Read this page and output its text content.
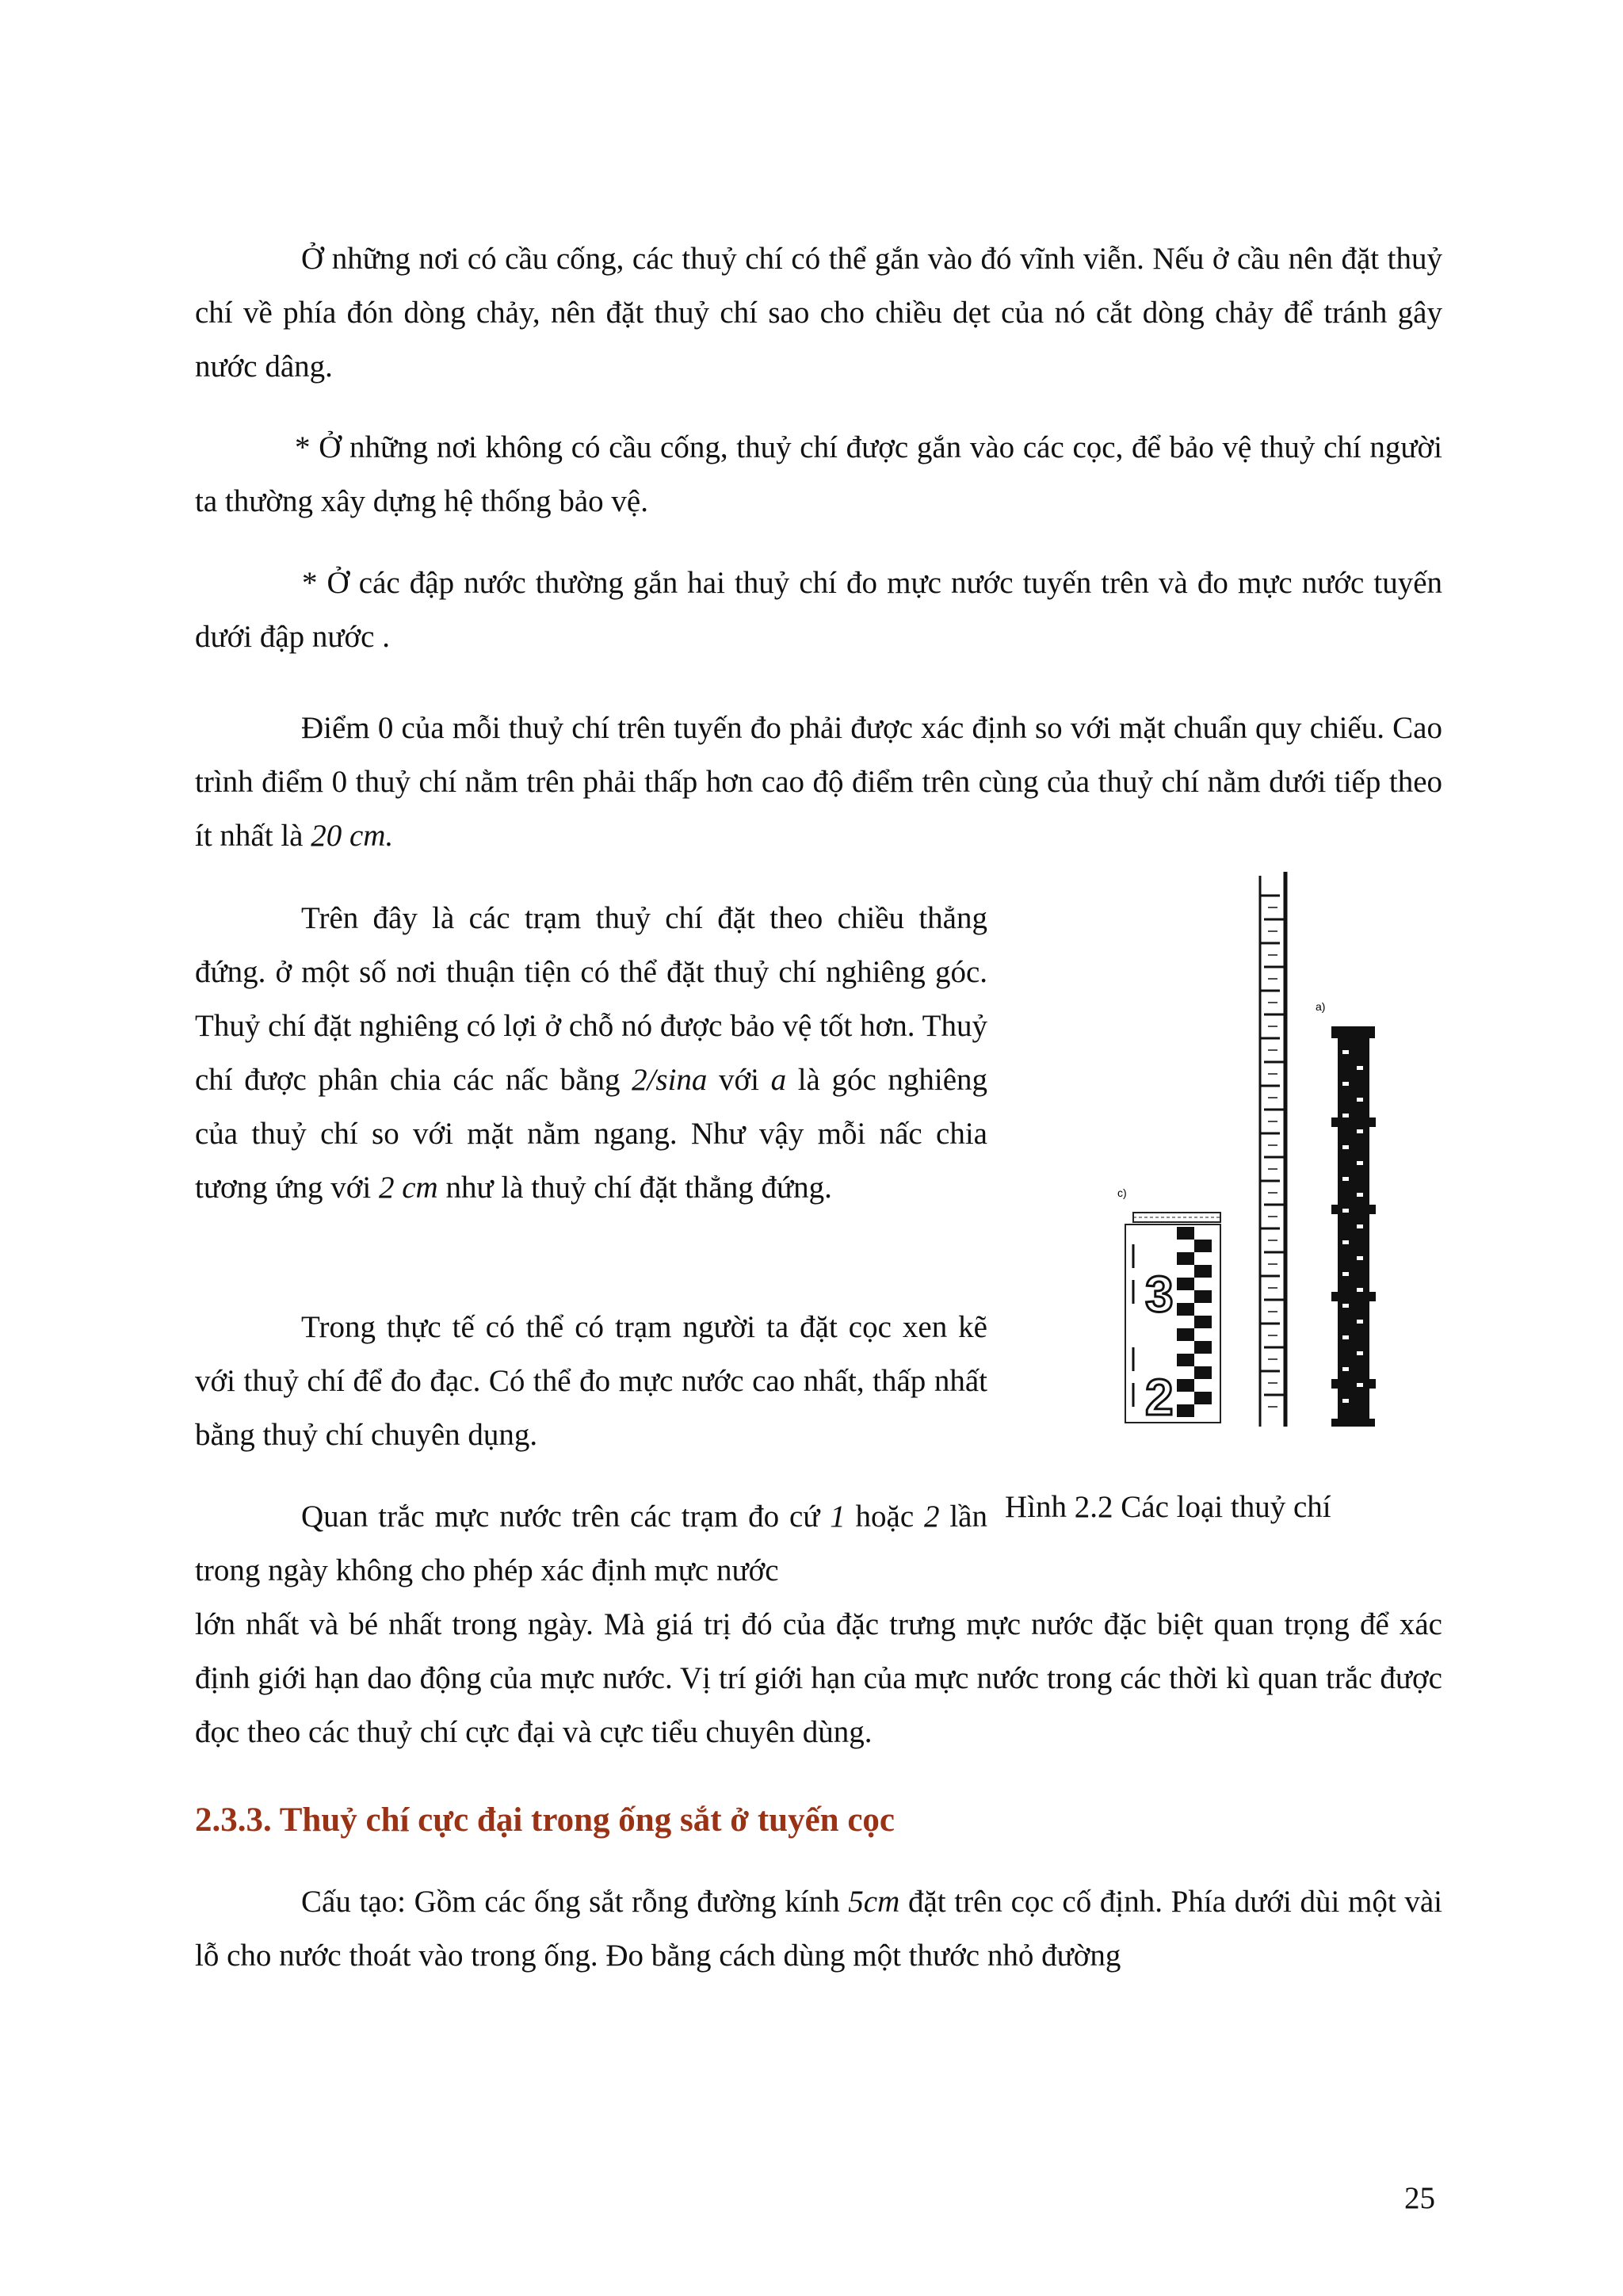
Ở những nơi có cầu cống, các thuỷ chí có thể gắn vào đó vĩnh viễn. Nếu ở cầu nên đặt thuỷ chí về phía đón dòng chảy, nên đặt thuỷ chí sao cho chiều dẹt của nó cắt dòng chảy để tránh gây nước dâng.

* Ở những nơi không có cầu cống, thuỷ chí được gắn vào các cọc, để bảo vệ thuỷ chí người ta thường xây dựng hệ thống bảo vệ.

* Ở các đập nước thường gắn hai thuỷ chí đo mực nước tuyến trên và đo mực nước tuyến dưới đập nước .

Điểm 0 của mỗi thuỷ chí trên tuyến đo phải được xác định so với mặt chuẩn quy chiếu. Cao trình điểm 0 thuỷ chí nằm trên phải thấp hơn cao độ điểm trên cùng của thuỷ chí nằm dưới tiếp theo ít nhất là 20 cm.

Trên đây là các trạm thuỷ chí đặt theo chiều thẳng đứng. ở một số nơi thuận tiện có thể đặt thuỷ chí nghiêng góc. Thuỷ chí đặt nghiêng có lợi ở chỗ nó được bảo vệ tốt hơn. Thuỷ chí được phân chia các nấc bằng 2/sina với a là góc nghiêng của thuỷ chí so với mặt nằm ngang. Như vậy mỗi nấc chia tương ứng với 2 cm như là thuỷ chí đặt thẳng đứng.

Trong thực tế có thể có trạm người ta đặt cọc xen kẽ với thuỷ chí để đo đạc. Có thể đo mực nước cao nhất, thấp nhất bằng thuỷ chí chuyên dụng.

Quan trắc mực nước trên các trạm đo cứ 1 hoặc 2 lần trong ngày không cho phép xác định mực nước

lớn nhất và bé nhất trong ngày. Mà giá trị đó của đặc trưng mực nước đặc biệt quan trọng để xác định giới hạn dao động của mực nước. Vị trí giới hạn của mực nước trong các thời kì quan trắc được đọc theo các thuỷ chí cực đại và cực tiểu chuyên dùng.

2.3.3. Thuỷ chí cực đại trong ống sắt ở tuyến cọc

Cấu tạo: Gồm các ống sắt rỗng đường kính 5cm đặt trên cọc cố định. Phía dưới dùi một vài lỗ cho nước thoát vào trong ống. Đo bằng cách dùng một thước nhỏ đường

c)
3
2
a)
Hình 2.2 Các loại thuỷ chí
25
